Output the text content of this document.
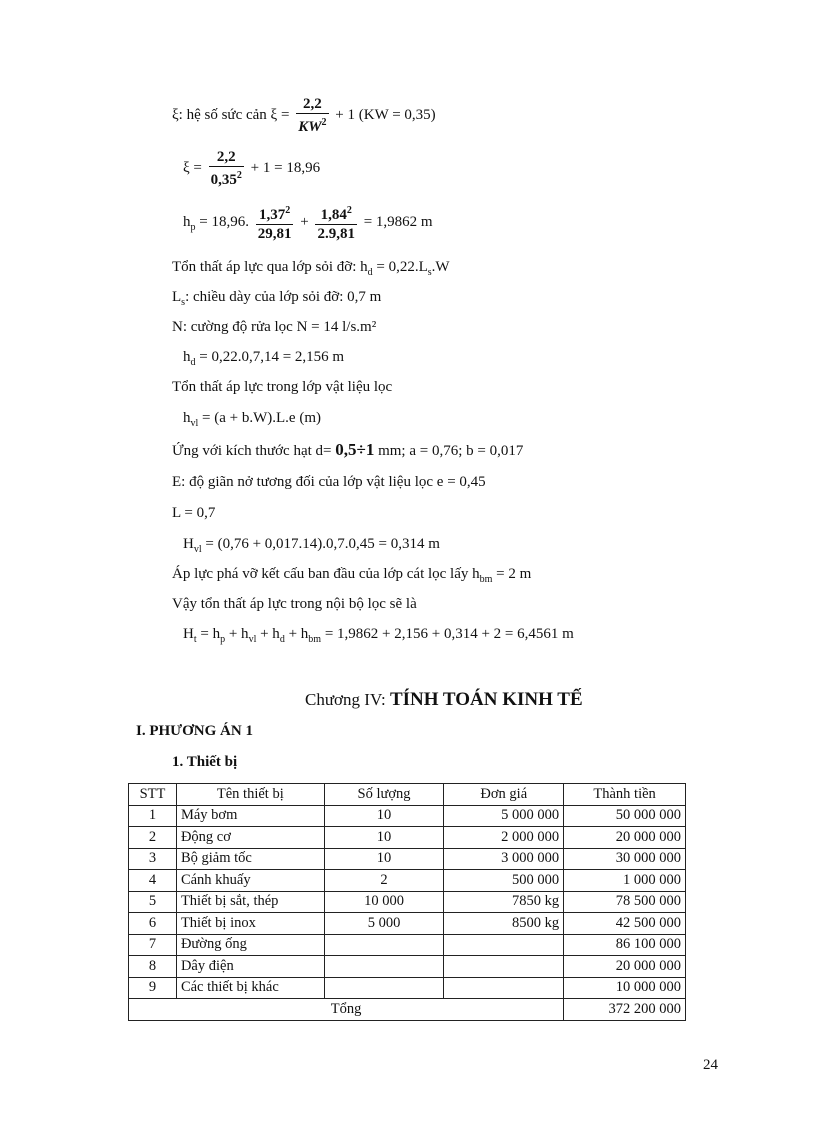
ξ: hệ số sức cản $\xi = \frac{2,2}{KW^2} + 1$ (KW = 0,35)
$\xi = \frac{2,2}{0,35^2} + 1 = 18,96$
$h_p = 18,96$. $\frac{1,37^2}{29,81} + \frac{1,84^2}{2.9,81} = 1,9862$ m
Tổn thất áp lực qua lớp sỏi đỡ: $h_d = 0,22.L_s.W$
$L_s$: chiều dày của lớp sỏi đỡ: 0,7 m
N: cường độ rửa lọc N = 14 l/s.m²
$h_d = 0,22.0,7,14 = 2,156$ m
Tổn thất áp lực trong lớp vật liệu lọc
$h_{vl} = (a + b.W).L.e$ (m)
Ứng với kích thước hạt d= 0,5÷1 mm; a = 0,76; b = 0,017
E: độ giãn nở tương đối của lớp vật liệu lọc e = 0,45
L = 0,7
$H_{vl} = (0,76 + 0,017.14).0,7.0,45 = 0,314$ m
Áp lực phá vỡ kết cấu ban đầu của lớp cát lọc lấy $h_{bm} = 2$ m
Vậy tổn thất áp lực trong nội bộ lọc sẽ là
$H_t = h_p + h_{vl} + h_d + h_{bm} = 1,9862 + 2,156 + 0,314 + 2 = 6,4561$ m
Chương IV: TÍNH TOÁN KINH TẾ
I. PHƯƠNG ÁN 1
1. Thiết bị
STT	Tên thiết bị	Số lượng	Đơn giá	Thành tiền
1	Máy bơm	10	5 000 000	50 000 000
2	Động cơ	10	2 000 000	20 000 000
3	Bộ giảm tốc	10	3 000 000	30 000 000
4	Cánh khuấy	2	500 000	1 000 000
5	Thiết bị sắt, thép	10 000	7850 kg	78 500 000
6	Thiết bị inox	5 000	8500 kg	42 500 000
7	Đường ống			86 100 000
8	Dây điện			20 000 000
9	Các thiết bị khác			10 000 000
Tổng				372 200 000
24
